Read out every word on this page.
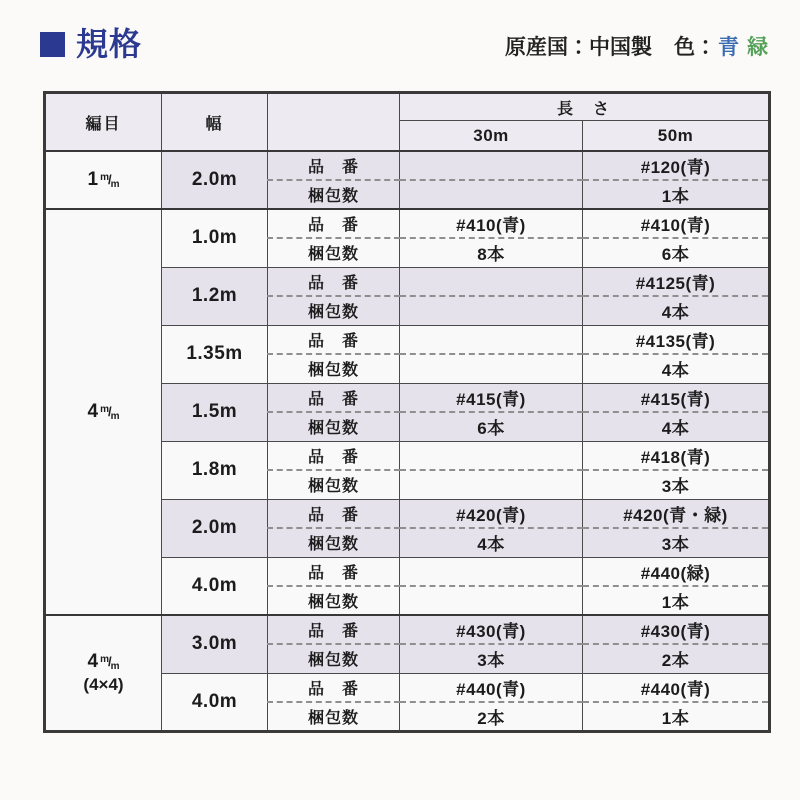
規格	原産国：中国製 色： 青 緑
編目	幅		長　さ	
			30m	50m
1 m/m	2.0m	品　番		#120(青)
		梱包数		1本
4 m/m	1.0m	品　番	#410(青)	#410(青)
		梱包数	8本	6本
	1.2m	品　番		#4125(青)
		梱包数		4本
	1.35m	品　番		#4135(青)
		梱包数		4本
	1.5m	品　番	#415(青)	#415(青)
		梱包数	6本	4本
	1.8m	品　番		#418(青)
		梱包数		3本
	2.0m	品　番	#420(青)	#420(青・緑)
		梱包数	4本	3本
	4.0m	品　番		#440(緑)
		梱包数		1本

4 m/m
(4×4)	3.0m	品　番	#430(青)	#430(青)
		梱包数	3本	2本
	4.0m	品　番	#440(青)	#440(青)
		梱包数	2本	1本
